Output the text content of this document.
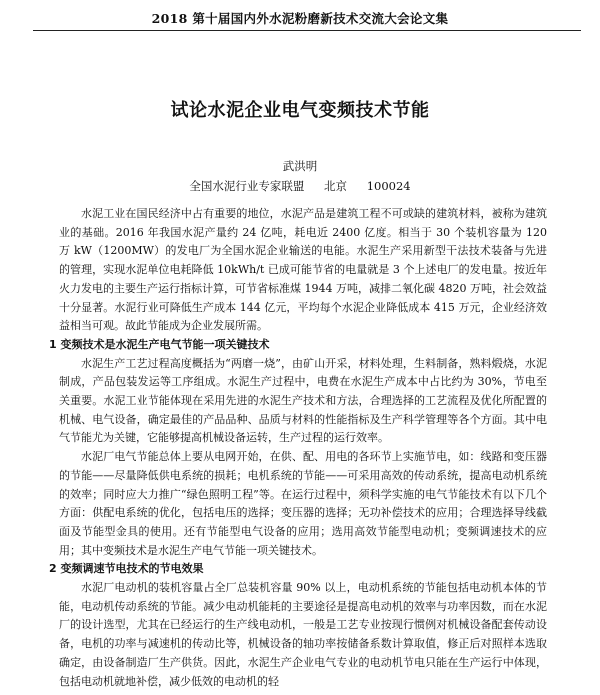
2018 第十届国内外水泥粉磨新技术交流大会论文集
试论水泥企业电气变频技术节能
武洪明
全国水泥行业专家联盟 北京 100024

水泥工业在国民经济中占有重要的地位，水泥产品是建筑工程不可或缺的建筑材料，被称为建筑业的基础。2016 年我国水泥产量约 24 亿吨，耗电近 2400 亿度。相当于 30 个装机容量为 120 万 kW（1200MW）的发电厂为全国水泥企业输送的电能。水泥生产采用新型干法技术装备与先进的管理，实现水泥单位电耗降低 10kWh/t 已成可能节省的电量就是 3 个上述电厂的发电量。按近年火力发电的主要生产运行指标计算，可节省标准煤 1944 万吨，减排二氧化碳 4820 万吨，社会效益十分显著。水泥行业可降低生产成本 144 亿元，平均每个水泥企业降低成本 415 万元，企业经济效益相当可观。故此节能成为企业发展所需。

1 变频技术是水泥生产电气节能一项关键技术

水泥生产工艺过程高度概括为“两磨一烧”，由矿山开采，材料处理，生料制备，熟料煅烧，水泥制成，产品包装发运等工序组成。水泥生产过程中，电费在水泥生产成本中占比约为 30%，节电至关重要。水泥工业节能体现在采用先进的水泥生产技术和方法，合理选择的工艺流程及优化所配置的机械、电气设备，确定最佳的产品品种、品质与材料的性能指标及生产科学管理等各个方面。其中电气节能尤为关键，它能够提高机械设备运转，生产过程的运行效率。

水泥厂电气节能总体上要从电网开始，在供、配、用电的各环节上实施节电，如：线路和变压器的节能——尽量降低供电系统的损耗；电机系统的节能——可采用高效的传动系统，提高电动机系统的效率；同时应大力推广“绿色照明工程”等。在运行过程中，须科学实施的电气节能技术有以下几个方面：供配电系统的优化，包括电压的选择；变压器的选择；无功补偿技术的应用；合理选择导线截面及节能型金具的使用。还有节能型电气设备的应用；选用高效节能型电动机；变频调速技术的应用；其中变频技术是水泥生产电气节能一项关键技术。

2 变频调速节电技术的节电效果

水泥厂电动机的装机容量占全厂总装机容量 90% 以上，电动机系统的节能包括电动机本体的节能，电动机传动系统的节能。减少电动机能耗的主要途径是提高电动机的效率与功率因数，而在水泥厂的设计选型，尤其在已经运行的生产线电动机，一般是工艺专业按现行惯例对机械设备配套传动设备，电机的功率与减速机的传动比等，机械设备的轴功率按储备系数计算取值，修正后对照样本选取确定，由设备制造厂生产供货。因此，水泥生产企业电气专业的电动机节电只能在生产运行中体现，包括电动机就地补偿，减少低效的电动机的轻
